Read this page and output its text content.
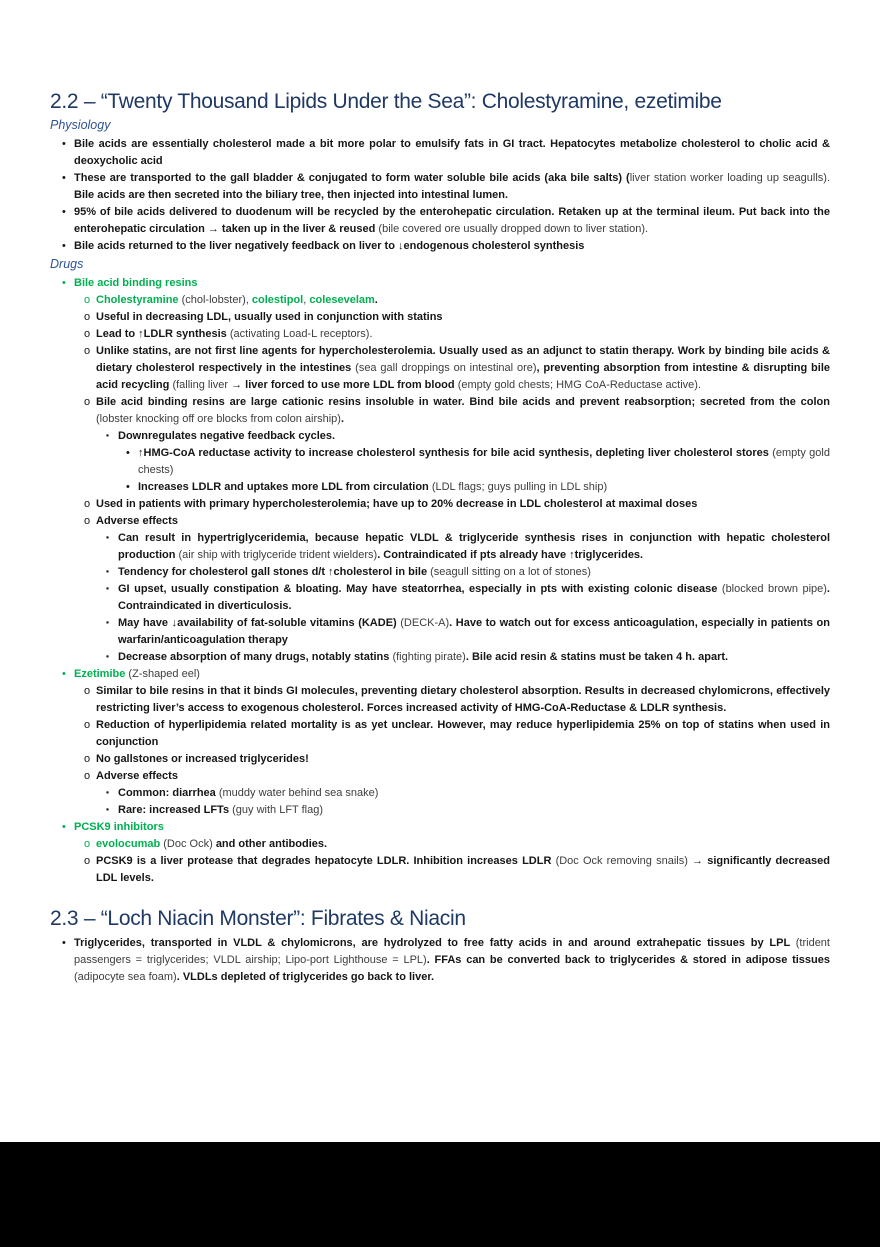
2.2 – “Twenty Thousand Lipids Under the Sea”: Cholestyramine, ezetimibe
Physiology
• Bile acids are essentially cholesterol made a bit more polar to emulsify fats in GI tract. Hepatocytes metabolize cholesterol to cholic acid & deoxycholic acid
• These are transported to the gall bladder & conjugated to form water soluble bile acids (aka bile salts) (liver station worker loading up seagulls). Bile acids are then secreted into the biliary tree, then injected into intestinal lumen.
• 95% of bile acids delivered to duodenum will be recycled by the enterohepatic circulation. Retaken up at the terminal ileum. Put back into the enterohepatic circulation → taken up in the liver & reused (bile covered ore usually dropped down to liver station).
• Bile acids returned to the liver negatively feedback on liver to ↓endogenous cholesterol synthesis
Drugs
• Bile acid binding resins
o Cholestyramine (chol-lobster), colestipol, colesevelam.
o Useful in decreasing LDL, usually used in conjunction with statins
o Lead to ↑LDLR synthesis (activating Load-L receptors).
o Unlike statins, are not first line agents for hypercholesterolemia. Usually used as an adjunct to statin therapy. Work by binding bile acids & dietary cholesterol respectively in the intestines (sea gall droppings on intestinal ore), preventing absorption from intestine & disrupting bile acid recycling (falling liver → liver forced to use more LDL from blood (empty gold chests; HMG CoA-Reductase active).
o Bile acid binding resins are large cationic resins insoluble in water. Bind bile acids and prevent reabsorption; secreted from the colon (lobster knocking off ore blocks from colon airship).
▪ Downregulates negative feedback cycles.
• ↑HMG-CoA reductase activity to increase cholesterol synthesis for bile acid synthesis, depleting liver cholesterol stores (empty gold chests)
• Increases LDLR and uptakes more LDL from circulation (LDL flags; guys pulling in LDL ship)
o Used in patients with primary hypercholesterolemia; have up to 20% decrease in LDL cholesterol at maximal doses
o Adverse effects
▪ Can result in hypertriglyceridemia, because hepatic VLDL & triglyceride synthesis rises in conjunction with hepatic cholesterol production (air ship with triglyceride trident wielders). Contraindicated if pts already have ↑triglycerides.
▪ Tendency for cholesterol gall stones d/t ↑cholesterol in bile (seagull sitting on a lot of stones)
▪ GI upset, usually constipation & bloating. May have steatorrhea, especially in pts with existing colonic disease (blocked brown pipe). Contraindicated in diverticulosis.
▪ May have ↓availability of fat-soluble vitamins (KADE) (DECK-A). Have to watch out for excess anticoagulation, especially in patients on warfarin/anticoagulation therapy
▪ Decrease absorption of many drugs, notably statins (fighting pirate). Bile acid resin & statins must be taken 4 h. apart.
• Ezetimibe (Z-shaped eel)
o Similar to bile resins in that it binds GI molecules, preventing dietary cholesterol absorption. Results in decreased chylomicrons, effectively restricting liver’s access to exogenous cholesterol. Forces increased activity of HMG-CoA-Reductase & LDLR synthesis.
o Reduction of hyperlipidemia related mortality is as yet unclear. However, may reduce hyperlipidemia 25% on top of statins when used in conjunction
o No gallstones or increased triglycerides!
o Adverse effects
▪ Common: diarrhea (muddy water behind sea snake)
▪ Rare: increased LFTs (guy with LFT flag)
• PCSK9 inhibitors
o evolocumab (Doc Ock) and other antibodies.
o PCSK9 is a liver protease that degrades hepatocyte LDLR. Inhibition increases LDLR (Doc Ock removing snails) → significantly decreased LDL levels.
2.3 – “Loch Niacin Monster”: Fibrates & Niacin
• Triglycerides, transported in VLDL & chylomicrons, are hydrolyzed to free fatty acids in and around extrahepatic tissues by LPL (trident passengers = triglycerides; VLDL airship; Lipo-port Lighthouse = LPL). FFAs can be converted back to triglycerides & stored in adipose tissues (adipocyte sea foam). VLDLs depleted of triglycerides go back to liver.
